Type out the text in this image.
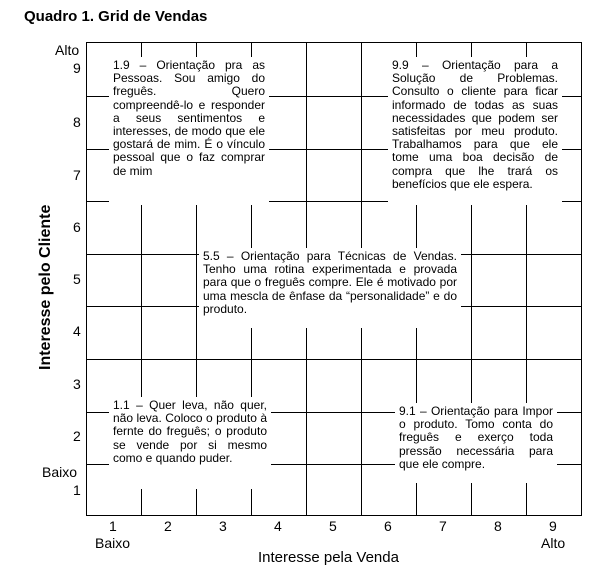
Quadro 1. Grid de Vendas
1.9 – Orientação pra as Pessoas. Sou amigo do freguês. Quero compreendê-lo e responder a seus sentimentos e interesses, de modo que ele gostará de mim. É o vínculo pessoal que o faz comprar de mim
9.9 – Orientação para a Solução de Problemas. Consulto o cliente para ficar informado de todas as suas necessidades que podem ser satisfeitas por meu produto. Trabalhamos para que ele tome uma boa decisão de compra que lhe trará os benefícios que ele espera.
5.5 – Orientação para Técnicas de Vendas. Tenho uma rotina experimentada e provada para que o freguês compre. Ele é motivado por uma mescla de ênfase da “personalidade” e do produto.
1.1 – Quer leva, não quer, não leva. Coloco o produto à fernte do freguês; o produto se vende por si mesmo como e quando puder.
9.1 – Orientação para Impor o produto. Tomo conta do freguês e exerço toda pressão necessária para que ele compre.
Alto
9
8
7
6
5
4
3
2
Baixo
1
Interesse pelo Cliente
1	2	3	4	5	6	7	8	9
Baixo	Alto
Interesse pela Venda
